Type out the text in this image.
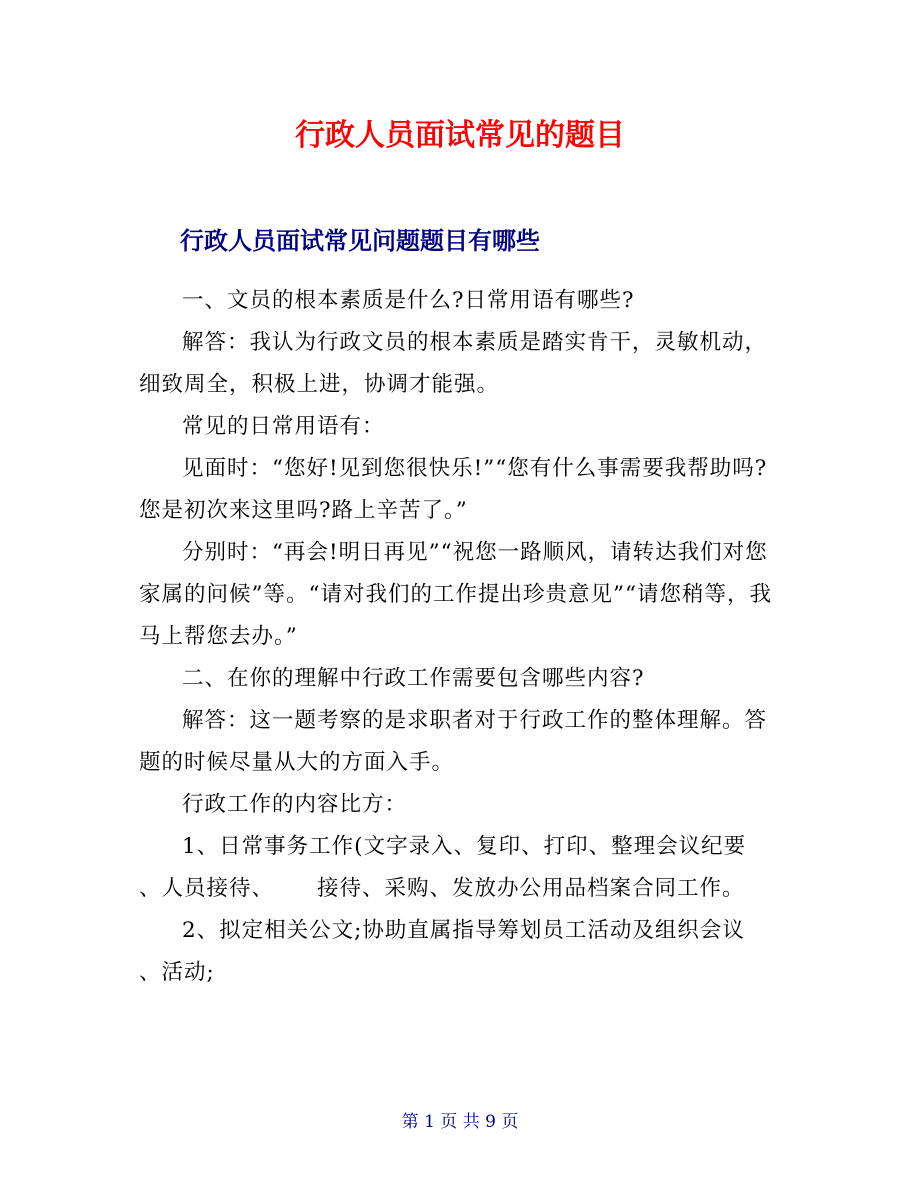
行政人员面试常见的题目
行政人员面试常见问题题目有哪些

一、文员的根本素质是什么?日常用语有哪些?

解答：我认为行政文员的根本素质是踏实肯干，灵敏机动，细致周全，积极上进，协调才能强。

常见的日常用语有：

见面时：“您好!见到您很快乐!”“您有什么事需要我帮助吗?您是初次来这里吗?路上辛苦了。”

分别时：“再会!明日再见”“祝您一路顺风，请转达我们对您家属的问候”等。“请对我们的工作提出珍贵意见”“请您稍等，我马上帮您去办。”

二、在你的理解中行政工作需要包含哪些内容?

解答：这一题考察的是求职者对于行政工作的整体理解。答题的时候尽量从大的方面入手。

行政工作的内容比方：

1、日常事务工作(文字录入、复印、打印、整理会议纪要

、人员接待、 接待、采购、发放办公用品档案合同工作。

2、拟定相关公文;协助直属指导筹划员工活动及组织会议

、活动;

第 1 页 共 9 页
